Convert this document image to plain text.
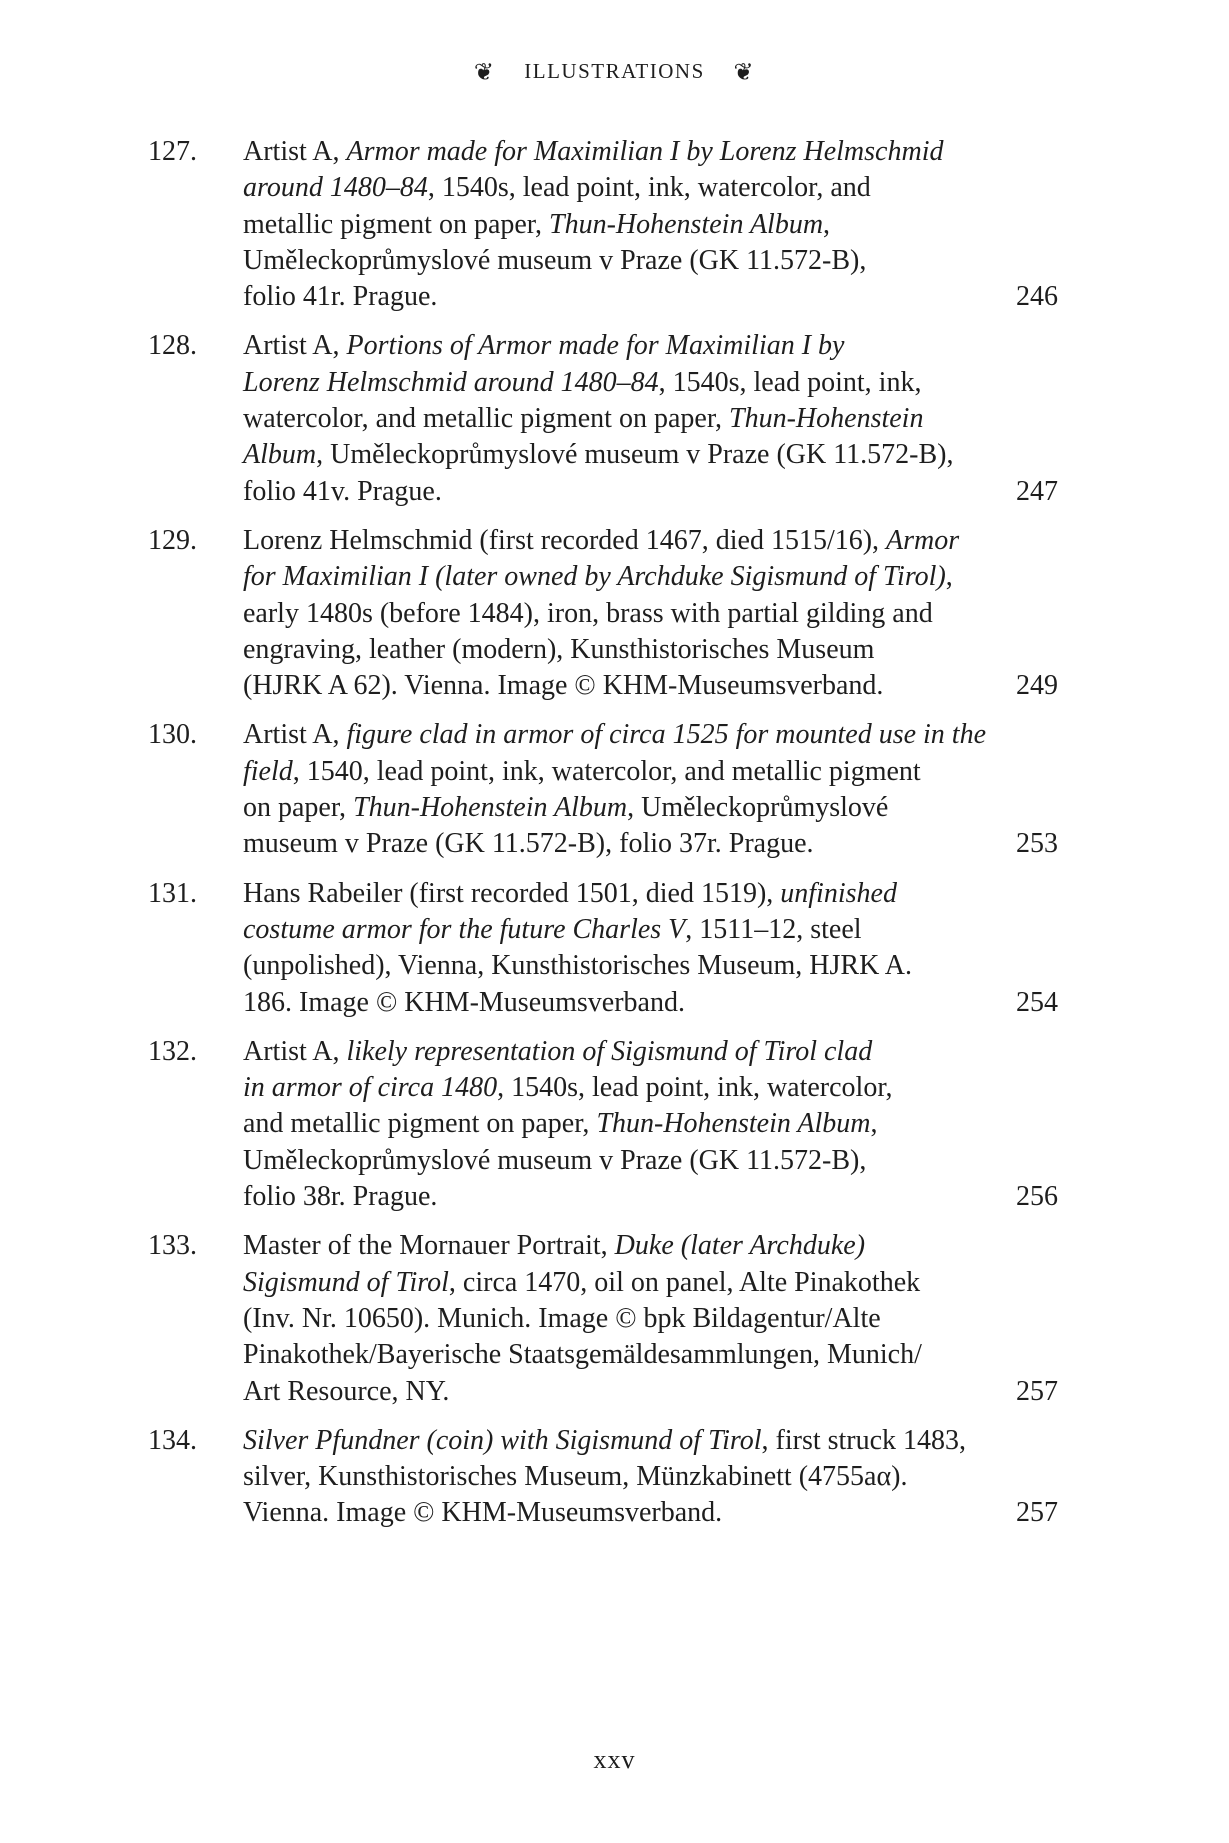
❦ ILLUSTRATIONS ❦
127.	Artist A, Armor made for Maximilian I by Lorenz Helmschmid
around 1480–84, 1540s, lead point, ink, watercolor, and
metallic pigment on paper, Thun-Hohenstein Album,
Uměleckoprůmyslové museum v Praze (GK 11.572-B),
folio 41r. Prague.	246
128.	Artist A, Portions of Armor made for Maximilian I by
Lorenz Helmschmid around 1480–84, 1540s, lead point, ink,
watercolor, and metallic pigment on paper, Thun-Hohenstein
Album, Uměleckoprůmyslové museum v Praze (GK 11.572-B),
folio 41v. Prague.	247
129.	Lorenz Helmschmid (first recorded 1467, died 1515/16), Armor
for Maximilian I (later owned by Archduke Sigismund of Tirol),
early 1480s (before 1484), iron, brass with partial gilding and
engraving, leather (modern), Kunsthistorisches Museum
(HJRK A 62). Vienna. Image © KHM-Museumsverband.	249
130.	Artist A, figure clad in armor of circa 1525 for mounted use in the
field, 1540, lead point, ink, watercolor, and metallic pigment
on paper, Thun-Hohenstein Album, Uměleckoprůmyslové
museum v Praze (GK 11.572-B), folio 37r. Prague.	253
131.	Hans Rabeiler (first recorded 1501, died 1519), unfinished
costume armor for the future Charles V, 1511–12, steel
(unpolished), Vienna, Kunsthistorisches Museum, HJRK A.
186. Image © KHM-Museumsverband.	254
132.	Artist A, likely representation of Sigismund of Tirol clad
in armor of circa 1480, 1540s, lead point, ink, watercolor,
and metallic pigment on paper, Thun-Hohenstein Album,
Uměleckoprůmyslové museum v Praze (GK 11.572-B),
folio 38r. Prague.	256
133.	Master of the Mornauer Portrait, Duke (later Archduke)
Sigismund of Tirol, circa 1470, oil on panel, Alte Pinakothek
(Inv. Nr. 10650). Munich. Image © bpk Bildagentur/Alte
Pinakothek/Bayerische Staatsgemäldesammlungen, Munich/
Art Resource, NY.	257
134.	Silver Pfundner (coin) with Sigismund of Tirol, first struck 1483,
silver, Kunsthistorisches Museum, Münzkabinett (4755aα).
Vienna. Image © KHM-Museumsverband.	257
xxv
